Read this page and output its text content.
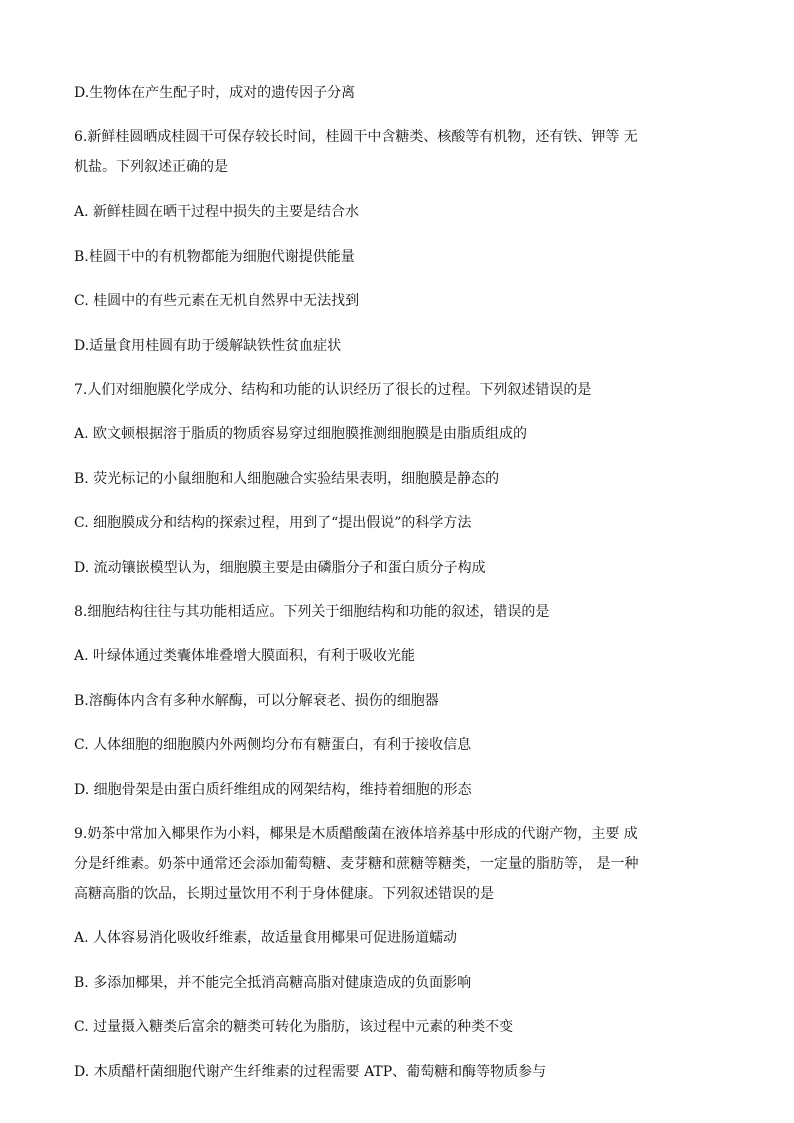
D.生物体在产生配子时，成对的遗传因子分离
6.新鲜桂圆晒成桂圆干可保存较长时间，桂圆干中含糖类、核酸等有机物，还有铁、钾等 无
机盐。下列叙述正确的是
A. 新鲜桂圆在晒干过程中损失的主要是结合水
B.桂圆干中的有机物都能为细胞代谢提供能量
C. 桂圆中的有些元素在无机自然界中无法找到
D.适量食用桂圆有助于缓解缺铁性贫血症状
7.人们对细胞膜化学成分、结构和功能的认识经历了很长的过程。下列叙述错误的是
A. 欧文顿根据溶于脂质的物质容易穿过细胞膜推测细胞膜是由脂质组成的
B. 荧光标记的小鼠细胞和人细胞融合实验结果表明，细胞膜是静态的
C. 细胞膜成分和结构的探索过程，用到了“提出假说”的科学方法
D. 流动镶嵌模型认为，细胞膜主要是由磷脂分子和蛋白质分子构成
8.细胞结构往往与其功能相适应。下列关于细胞结构和功能的叙述，错误的是
A. 叶绿体通过类囊体堆叠增大膜面积，有利于吸收光能
B.溶酶体内含有多种水解酶，可以分解衰老、损伤的细胞器
C. 人体细胞的细胞膜内外两侧均分布有糖蛋白，有利于接收信息
D. 细胞骨架是由蛋白质纤维组成的网架结构，维持着细胞的形态
9.奶茶中常加入椰果作为小料，椰果是木质醋酸菌在液体培养基中形成的代谢产物，主要 成
分是纤维素。奶茶中通常还会添加葡萄糖、麦芽糖和蔗糖等糖类，一定量的脂肪等， 是一种
高糖高脂的饮品，长期过量饮用不利于身体健康。下列叙述错误的是
A. 人体容易消化吸收纤维素，故适量食用椰果可促进肠道蠕动
B. 多添加椰果，并不能完全抵消高糖高脂对健康造成的负面影响
C. 过量摄入糖类后富余的糖类可转化为脂肪，该过程中元素的种类不变
D. 木质醋杆菌细胞代谢产生纤维素的过程需要 ATP、葡萄糖和酶等物质参与
